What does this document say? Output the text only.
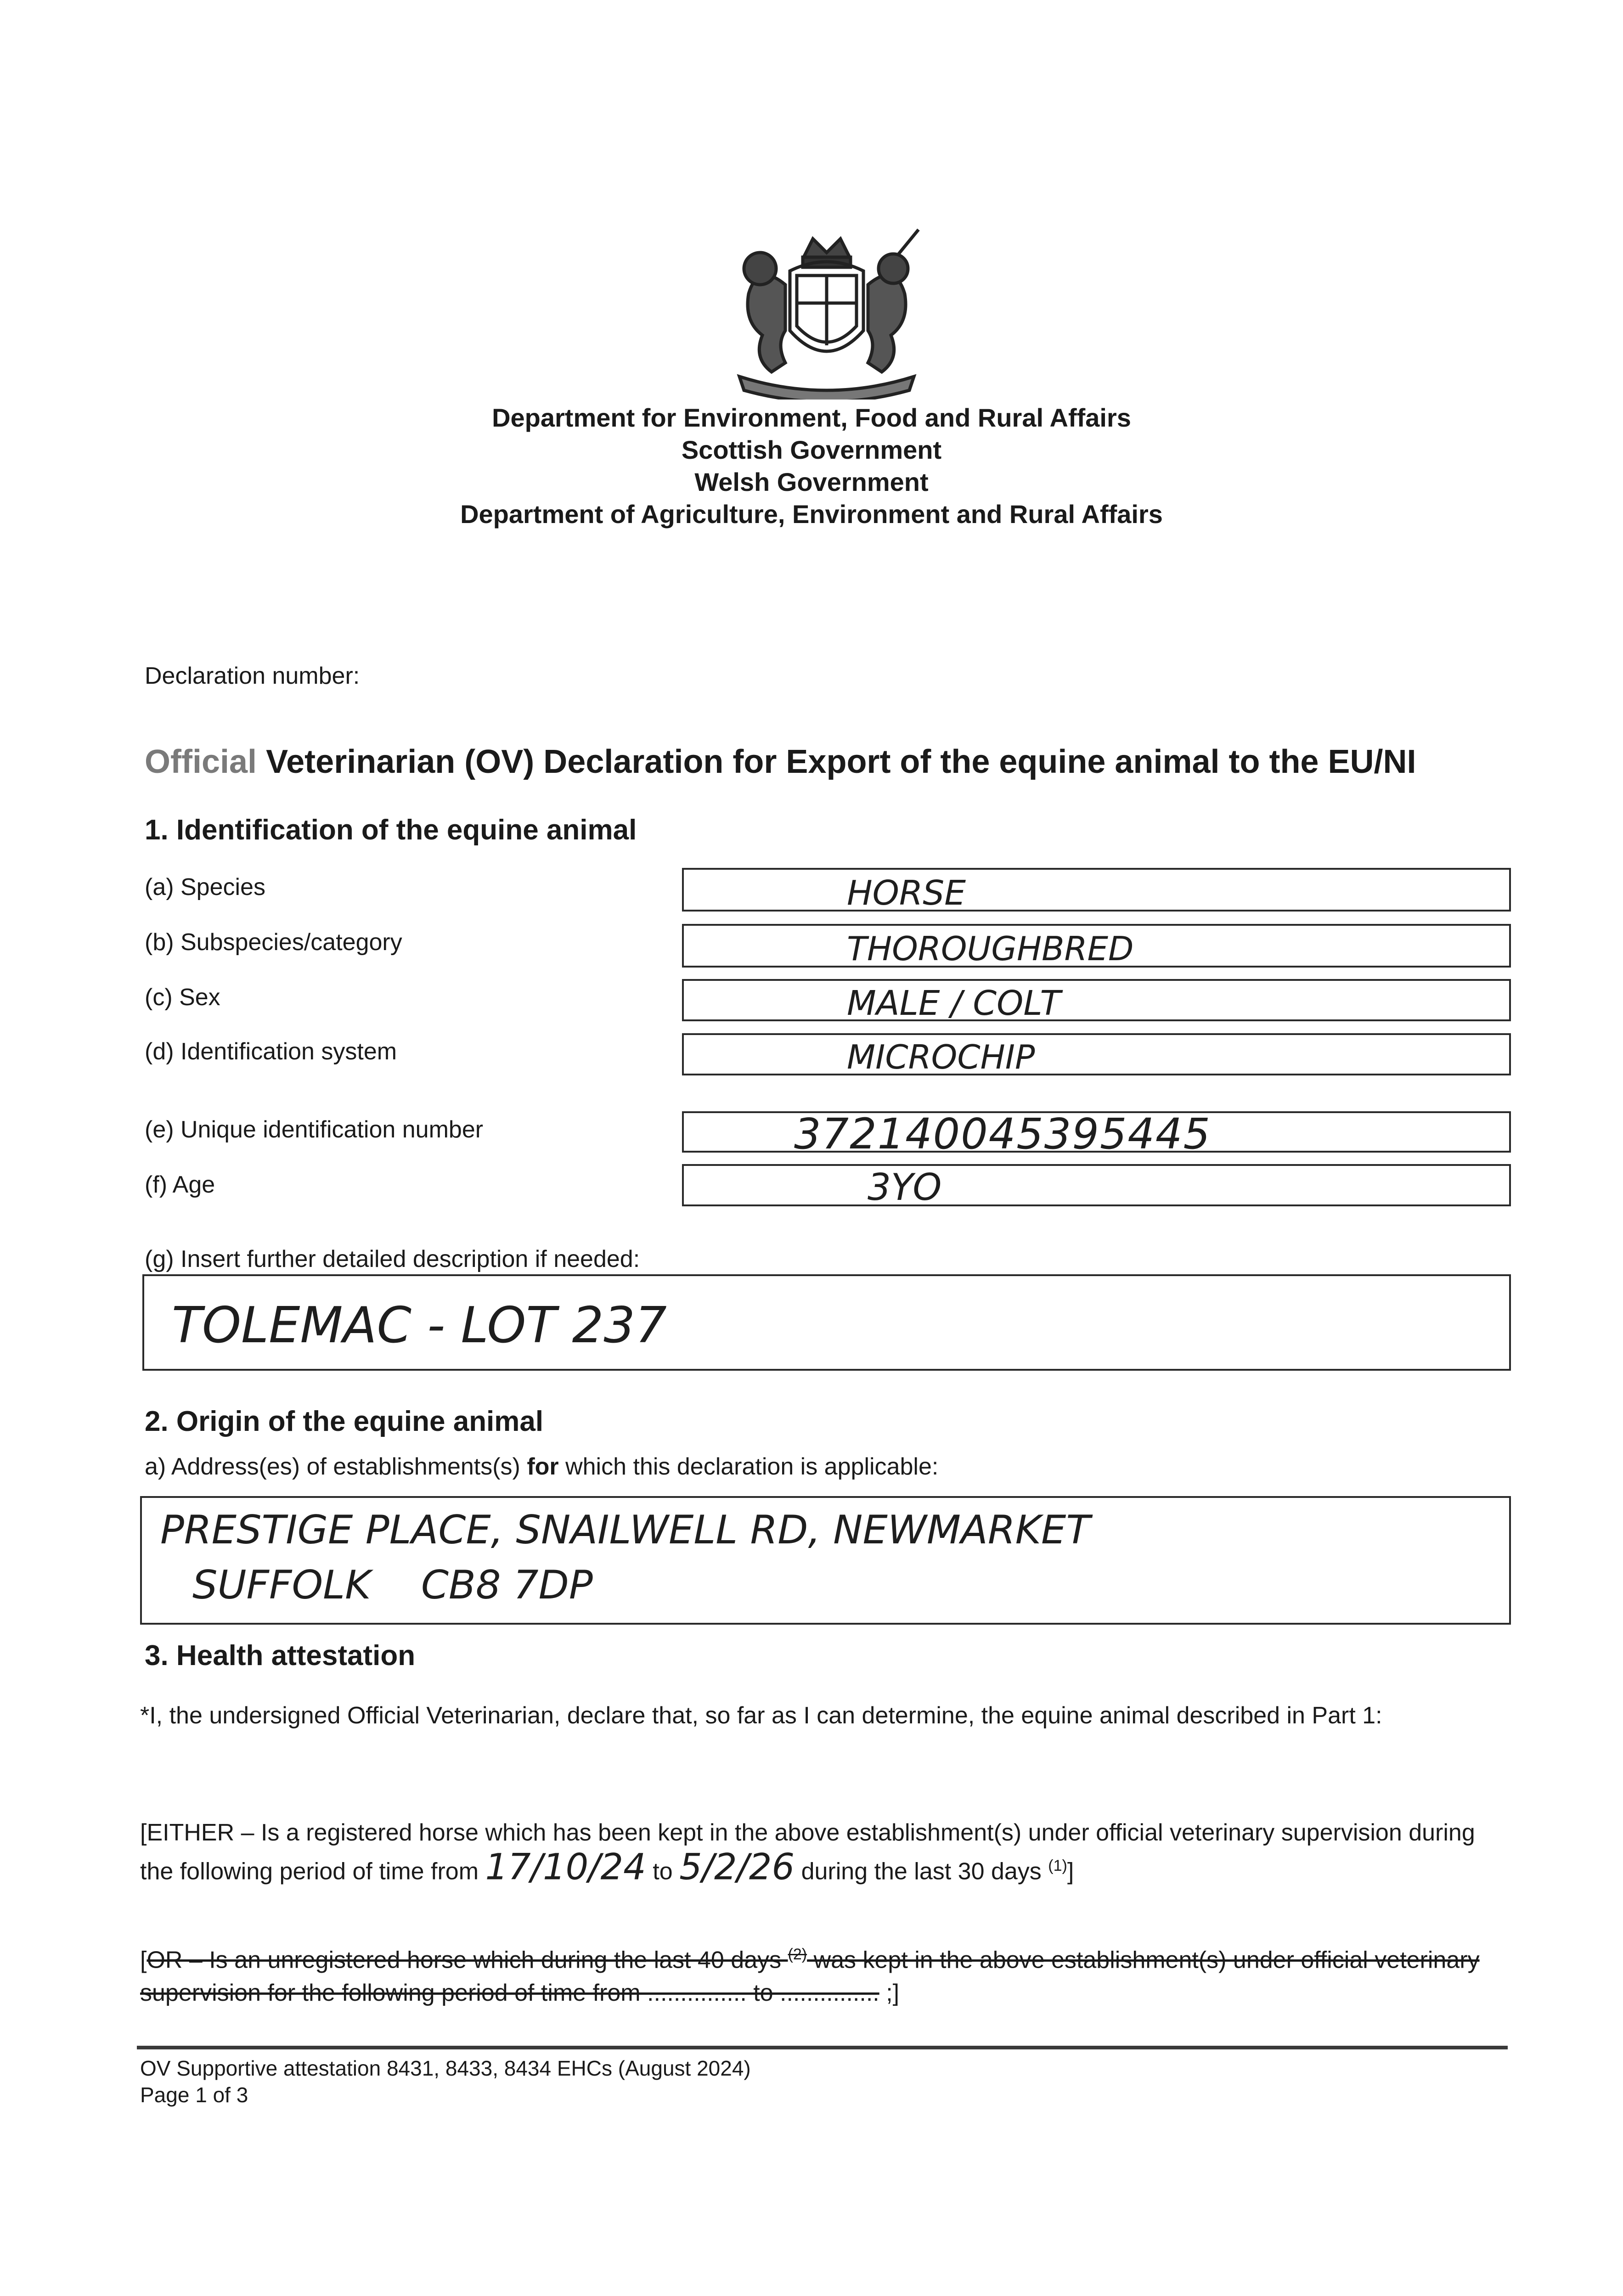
Department for Environment, Food and Rural Affairs
Scottish Government
Welsh Government
Department of Agriculture, Environment and Rural Affairs
Declaration number:
Official Veterinarian (OV) Declaration for Export of the equine animal to the EU/NI
1. Identification of the equine animal
(a) Species	HORSE
(b) Subspecies/category	THOROUGHBRED
(c) Sex	MALE / COLT
(d) Identification system	MICROCHIP
(e) Unique identification number	372140045395445
(f) Age	3YO
(g) Insert further detailed description if needed:
TOLEMAC - LOT 237
2. Origin of the equine animal
a) Address(es) of establishments(s) for which this declaration is applicable:
PRESTIGE PLACE, SNAILWELL RD, NEWMARKET
SUFFOLK    CB8 7DP
3. Health attestation
*I, the undersigned Official Veterinarian, declare that, so far as I can determine, the equine animal described in Part 1:
[EITHER – Is a registered horse which has been kept in the above establishment(s) under official veterinary supervision during the following period of time from 17/10/24 to 5/2/26 during the last 30 days $^{(1)}$]
[OR – Is an unregistered horse which during the last 40 days $^{(2)}$ was kept in the above establishment(s) under official veterinary supervision for the following period of time from ............... to ............... ;]
OV Supportive attestation 8431, 8433, 8434 EHCs (August 2024)
Page 1 of 3
